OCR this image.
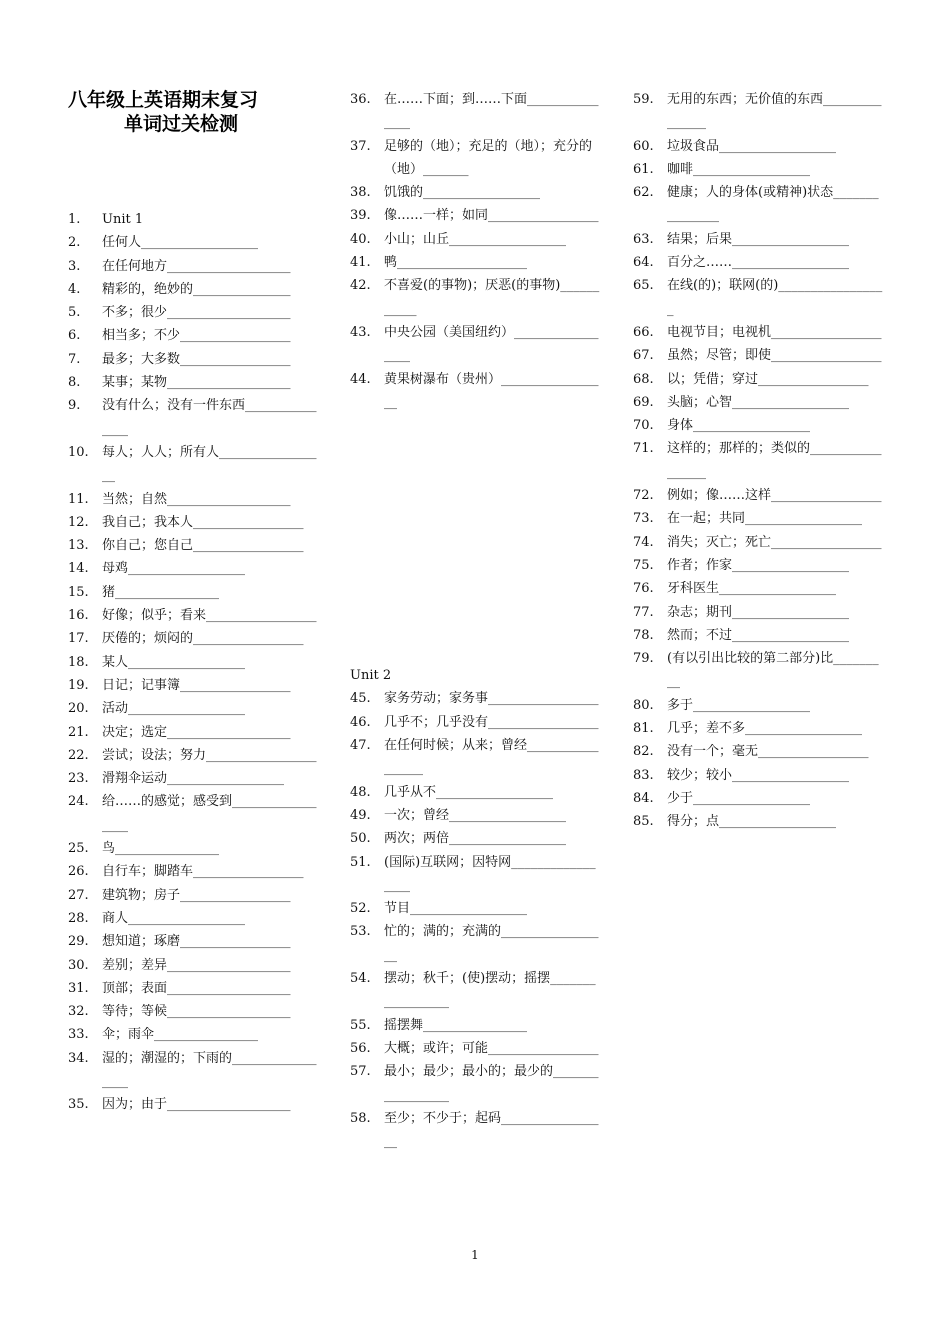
八年级上英语期末复习
单词过关检测
1.	Unit 1
2.	任何人__________________
3.	在任何地方___________________
4.	精彩的，绝妙的_______________
5.	不多；很少___________________
6.	相当多；不少_________________
7.	最多；大多数_________________
8.	某事；某物___________________
9.	没有什么；没有一件东西_______________
10.	每人；人人；所有人_________________
11.	当然；自然___________________
12.	我自己；我本人_________________
13.	你自己；您自己_________________
14.	母鸡__________________
15.	猪________________
16.	好像；似乎；看来_________________
17.	厌倦的；烦闷的_________________
18.	某人__________________
19.	日记；记事簿_________________
20.	活动__________________
21.	决定；选定___________________
22.	尝试；设法；努力_________________
23.	滑翔伞运动__________________
24.	给……的感觉；感受到_________________
25.	鸟________________
26.	自行车；脚踏车_________________
27.	建筑物；房子_________________
28.	商人__________________
29.	想知道；琢磨_________________
30.	差别；差异___________________
31.	顶部；表面___________________
32.	等待；等候___________________
33.	伞；雨伞________________
34.	湿的；潮湿的；下雨的_________________
35.	因为；由于___________________
36.	在……下面；到……下面_______________
37.	足够的（地）；充足的（地）；充分的（地）_______
38.	饥饿的__________________
39.	像……一样；如同_________________
40.	小山；山丘__________________
41.	鸭____________________
42.	不喜爱(的事物)；厌恶(的事物)___________
43.	中央公园（美国纽约）_________________
44.	黄果树瀑布（贵州）_________________
Unit 2
45.	家务劳动；家务事_________________
46.	几乎不；几乎没有_________________
47.	在任何时候；从来；曾经_________________
48.	几乎从不__________________
49.	一次；曾经__________________
50.	两次；两倍__________________
51.	(国际)互联网；因特网_________________
52.	节目__________________
53.	忙的；满的；充满的_________________
54.	摆动；秋千；(使)摆动；摇摆_________________
55.	摇摆舞________________
56.	大概；或许；可能_________________
57.	最小；最少；最小的；最少的_________________
58.	至少；不少于；起码_________________
59.	无用的东西；无价值的东西_______________
60.	垃圾食品__________________
61.	咖啡__________________
62.	健康；人的身体(或精神)状态_______________
63.	结果；后果__________________
64.	百分之……__________________
65.	在线(的)；联网(的)_________________
66.	电视节目；电视机_________________
67.	虽然；尽管；即使_________________
68.	以；凭借；穿过_________________
69.	头脑；心智__________________
70.	身体__________________
71.	这样的；那样的；类似的_________________
72.	例如；像……这样_________________
73.	在一起；共同__________________
74.	消失；灭亡；死亡_________________
75.	作者；作家__________________
76.	牙科医生__________________
77.	杂志；期刊__________________
78.	然而；不过__________________
79.	(有以引出比较的第二部分)比_________
80.	多于__________________
81.	几乎；差不多__________________
82.	没有一个；毫无_________________
83.	较少；较小__________________
84.	少于__________________
85.	得分；点__________________
1
